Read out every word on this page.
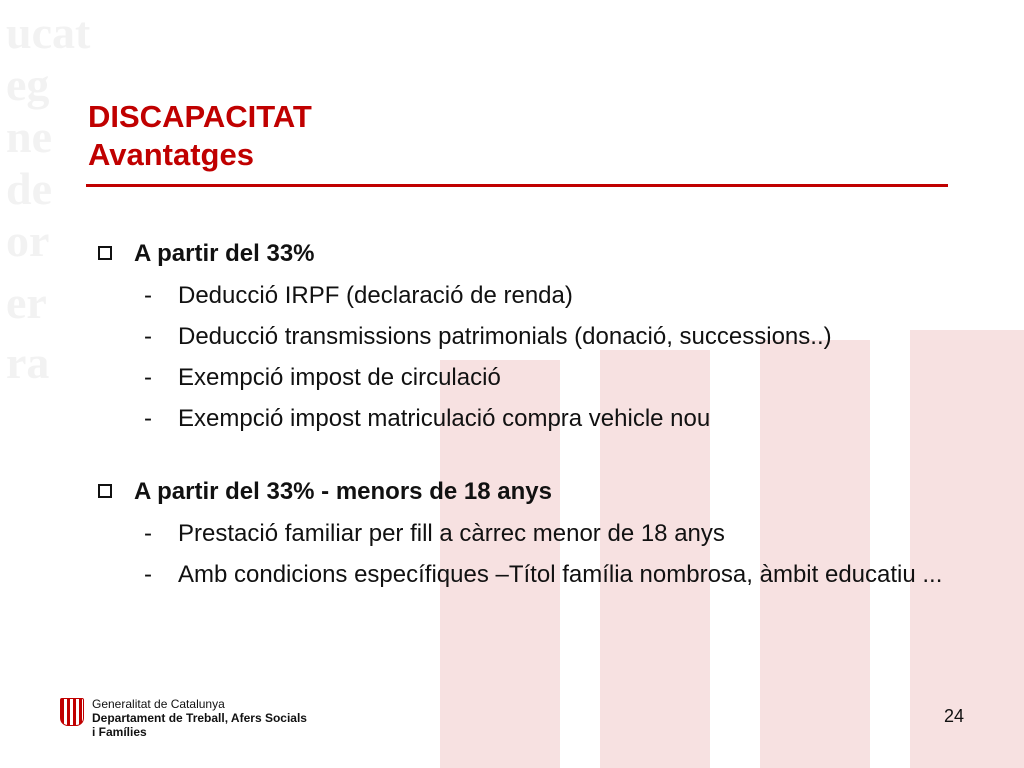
ucat
eg
ne
de
or
er
ra
DISCAPACITAT
Avantatges
A partir del 33%
-	Deducció IRPF (declaració de renda)
-	Deducció transmissions patrimonials (donació, successions..)
-	Exempció impost de circulació
-	Exempció impost matriculació compra vehicle nou
A partir del 33% - menors de 18 anys
-	Prestació familiar per fill a càrrec menor de 18 anys
-	Amb condicions específiques –Títol família nombrosa, àmbit educatiu ...
Generalitat de Catalunya
Departament de Treball, Afers Socials
i Famílies
24
